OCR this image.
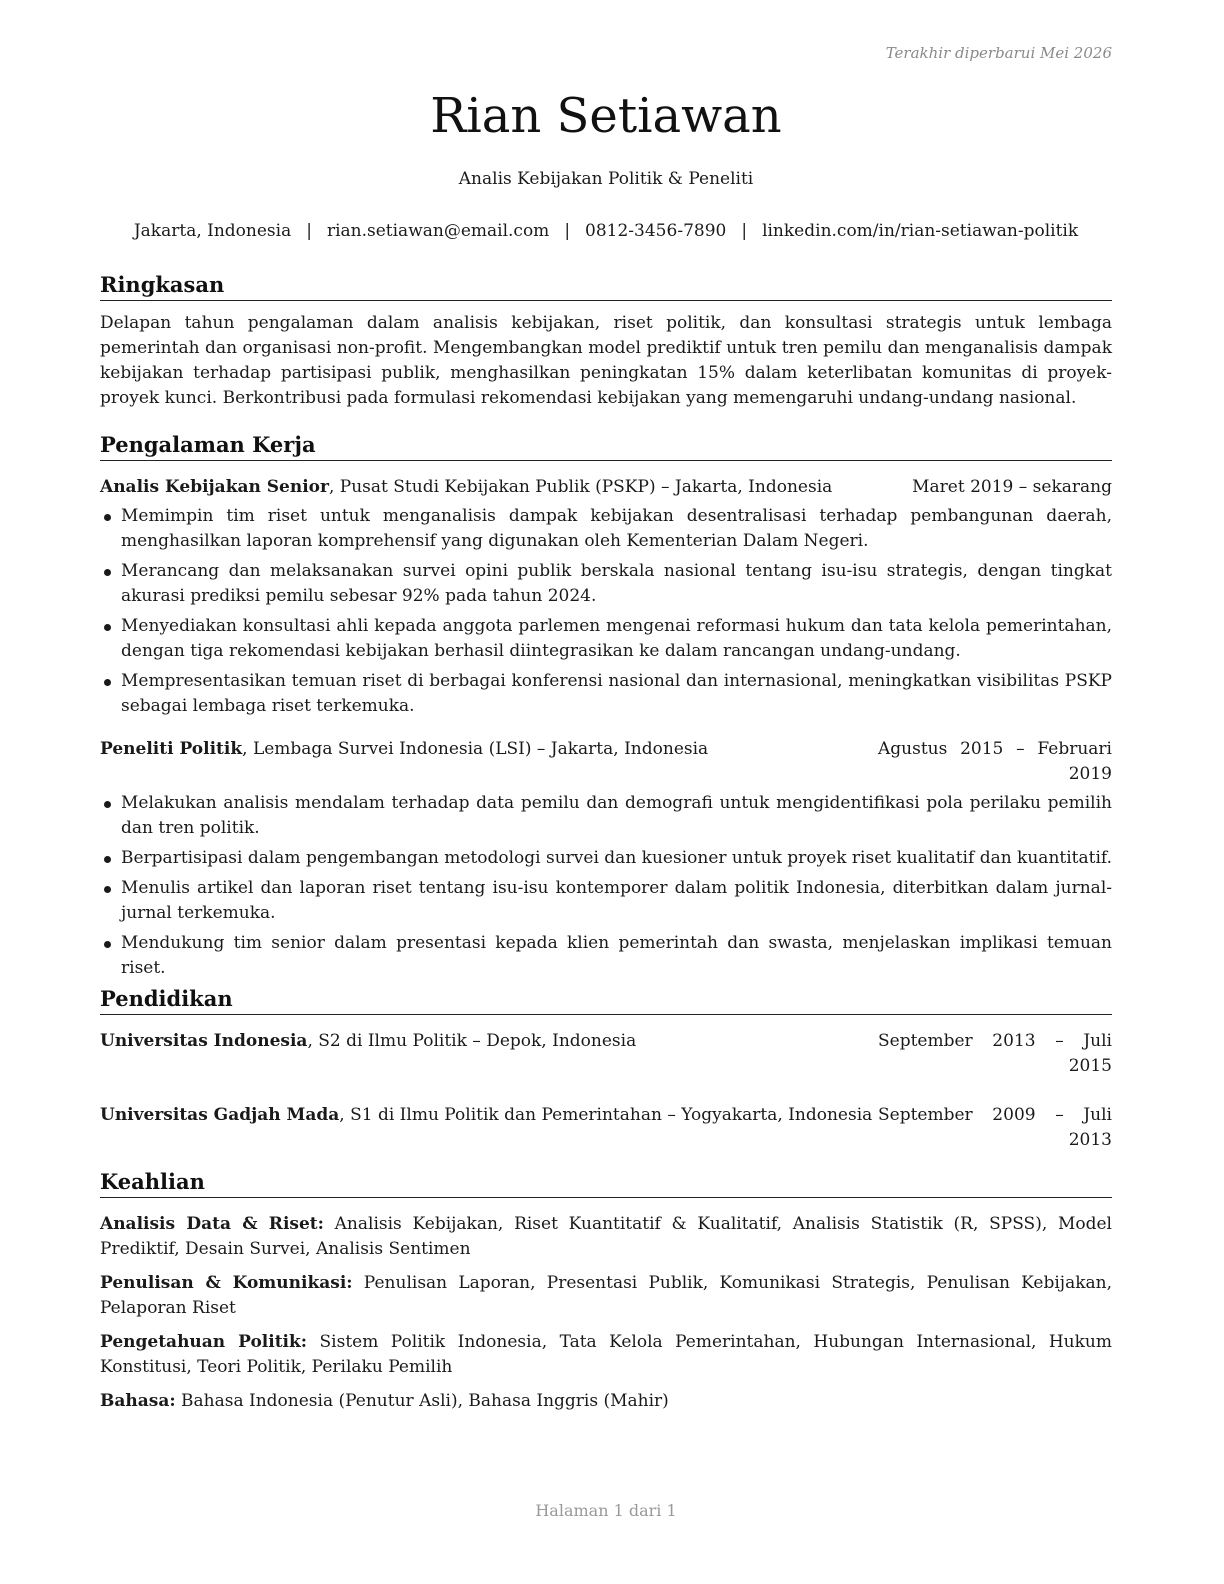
Terakhir diperbarui Mei 2026
Rian Setiawan
Analis Kebijakan Politik & Peneliti
Jakarta, Indonesia | rian.setiawan@email.com | 0812-3456-7890 | linkedin.com/in/rian-setiawan-politik
Ringkasan

Delapan tahun pengalaman dalam analisis kebijakan, riset politik, dan konsultasi strategis untuk lembaga pemerintah dan organisasi non-profit. Mengembangkan model prediktif untuk tren pemilu dan menganalisis dampak kebijakan terhadap partisipasi publik, menghasilkan peningkatan 15% dalam keterlibatan komunitas di proyek-proyek kunci. Berkontribusi pada formulasi rekomendasi kebijakan yang memengaruhi undang-undang nasional.

Pengalaman Kerja
Analis Kebijakan Senior, Pusat Studi Kebijakan Publik (PSKP) – Jakarta, Indonesia	Maret 2019 – sekarang
Memimpin tim riset untuk menganalisis dampak kebijakan desentralisasi terhadap pembangunan daerah, menghasilkan laporan komprehensif yang digunakan oleh Kementerian Dalam Negeri.
Merancang dan melaksanakan survei opini publik berskala nasional tentang isu-isu strategis, dengan tingkat akurasi prediksi pemilu sebesar 92% pada tahun 2024.
Menyediakan konsultasi ahli kepada anggota parlemen mengenai reformasi hukum dan tata kelola pemerintahan, dengan tiga rekomendasi kebijakan berhasil diintegrasikan ke dalam rancangan undang-undang.
Mempresentasikan temuan riset di berbagai konferensi nasional dan internasional, meningkatkan visibilitas PSKP sebagai lembaga riset terkemuka.
Peneliti Politik, Lembaga Survei Indonesia (LSI) – Jakarta, Indonesia	Agustus 2015 – Februari 2019
Melakukan analisis mendalam terhadap data pemilu dan demografi untuk mengidentifikasi pola perilaku pemilih dan tren politik.
Berpartisipasi dalam pengembangan metodologi survei dan kuesioner untuk proyek riset kualitatif dan kuantitatif.
Menulis artikel dan laporan riset tentang isu-isu kontemporer dalam politik Indonesia, diterbitkan dalam jurnal-jurnal terkemuka.
Mendukung tim senior dalam presentasi kepada klien pemerintah dan swasta, menjelaskan implikasi temuan riset.
Pendidikan
Universitas Indonesia, S2 di Ilmu Politik – Depok, Indonesia	September 2013 – Juli 2015
Universitas Gadjah Mada, S1 di Ilmu Politik dan Pemerintahan – Yogyakarta, Indonesia September 2009 – Juli 2013
Keahlian
Analisis Data & Riset: Analisis Kebijakan, Riset Kuantitatif & Kualitatif, Analisis Statistik (R, SPSS), Model Prediktif, Desain Survei, Analisis Sentimen
Penulisan & Komunikasi: Penulisan Laporan, Presentasi Publik, Komunikasi Strategis, Penulisan Kebijakan, Pelaporan Riset
Pengetahuan Politik: Sistem Politik Indonesia, Tata Kelola Pemerintahan, Hubungan Internasional, Hukum Konstitusi, Teori Politik, Perilaku Pemilih
Bahasa: Bahasa Indonesia (Penutur Asli), Bahasa Inggris (Mahir)
Halaman 1 dari 1
